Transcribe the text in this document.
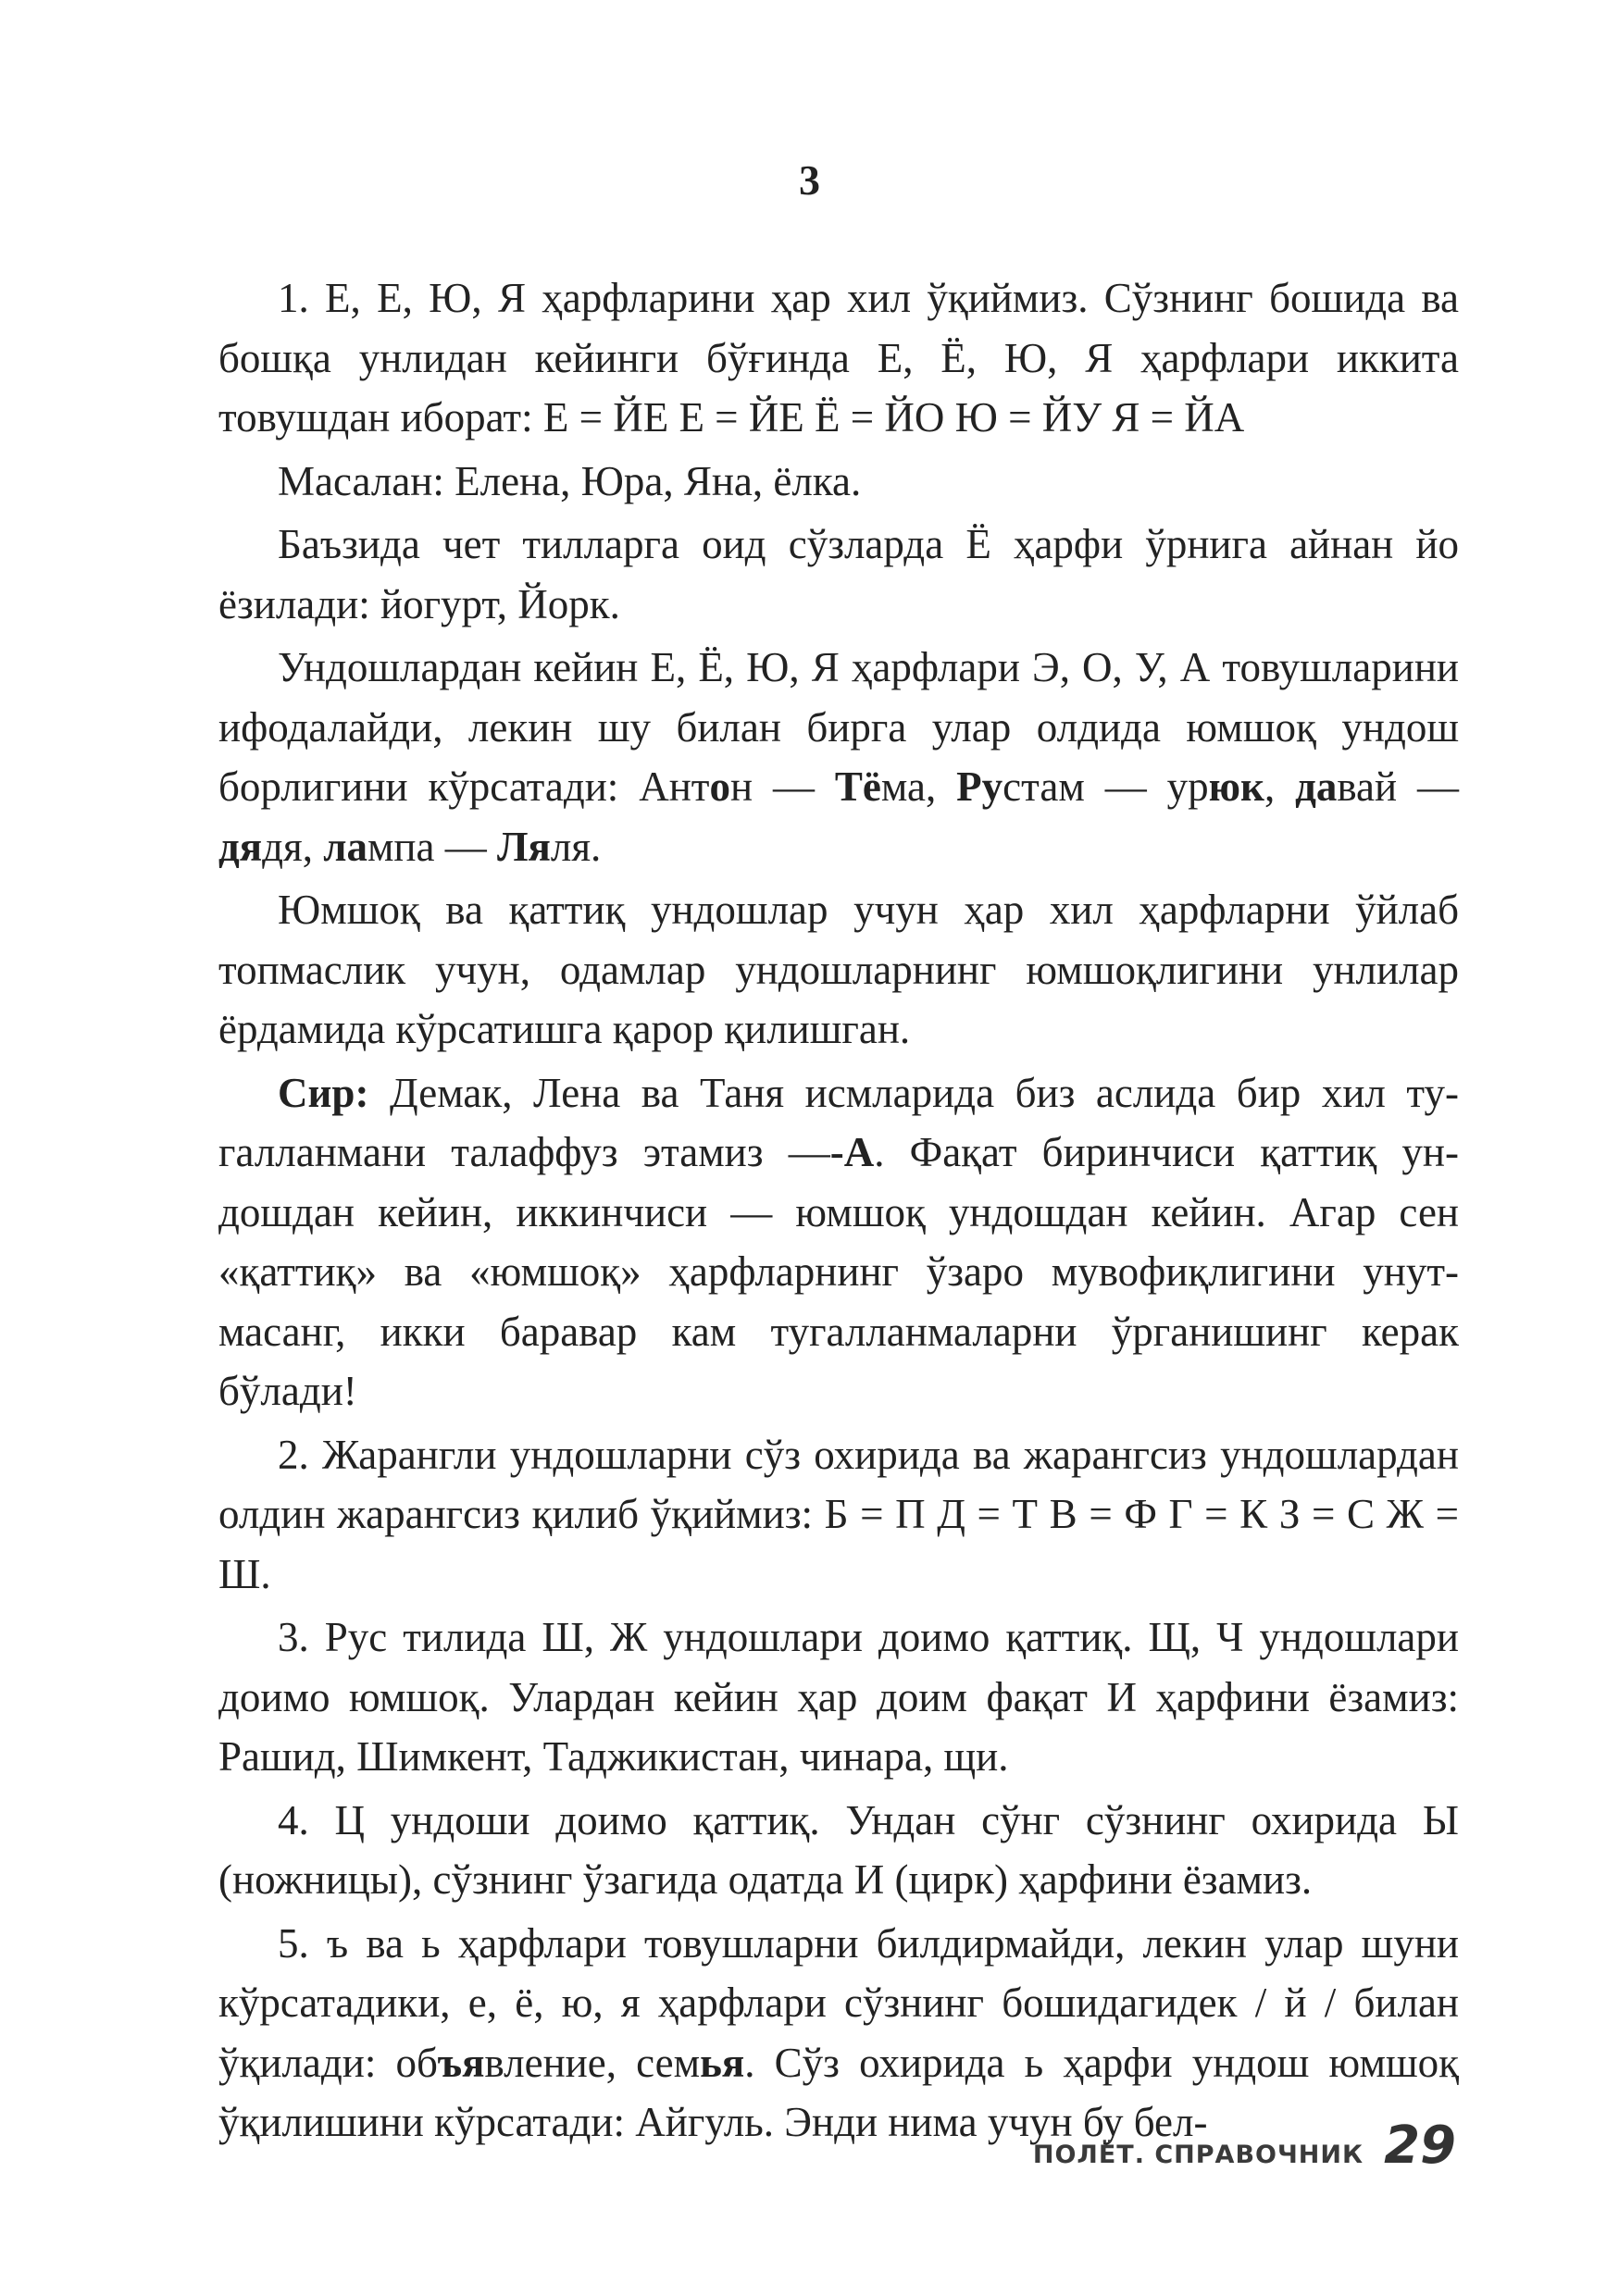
3

1. Е, Е, Ю, Я ҳарфларини ҳар хил ўқиймиз. Сўзнинг бошида ва бошқа унлидан кейинги бўғинда Е, Ё, Ю, Я ҳарфлари иккита товушдан иборат: Е = ЙЕ Е = ЙЕ Ё = ЙО Ю = ЙУ Я = ЙА

Масалан: Елена, Юра, Яна, ёлка.

Баъзида чет тилларга оид сўзларда Ё ҳарфи ўрнига айнан йо ёзилади: йогурт, Йорк.

Ундошлардан кейин Е, Ё, Ю, Я ҳарфлари Э, О, У, А товушларини ифодалайди, лекин шу билан бирга улар олдида юмшоқ ундош борлигини кўрсатади: Антон — Тёма, Рустам — урюк, давай — дядя, лампа — Ляля.

Юмшоқ ва қаттиқ ундошлар учун ҳар хил ҳарфларни ўйлаб топмаслик учун, одамлар ундошларнинг юмшоқлигини унлилар ёрдамида кўрсатишга қарор қилишган.

Сир: Демак, Лена ва Таня исмларида биз аслида бир хил тугалланмани талаффуз этамиз —-А. Фақат биринчиси қаттиқ ундошдан кейин, иккинчиси — юмшоқ ундошдан кейин. Агар сен «қаттиқ» ва «юмшоқ» ҳарфларнинг ўзаро мувофиқлигини унутмасанг, икки баравар кам тугалланмаларни ўрганишинг керак бўлади!

2. Жарангли ундошларни сўз охирида ва жарангсиз ундошлардан олдин жарангсиз қилиб ўқиймиз: Б = П Д = Т В = Ф Г = К З = С Ж = Ш.

3. Рус тилида Ш, Ж ундошлари доимо қаттиқ. Щ, Ч ундошлари доимо юмшоқ. Улардан кейин ҳар доим фақат И ҳарфини ёзамиз: Рашид, Шимкент, Таджикистан, чинара, щи.

4. Ц ундоши доимо қаттиқ. Ундан сўнг сўзнинг охирида Ы (ножницы), сўзнинг ўзагида одатда И (цирк) ҳарфини ёзамиз.

5. ъ ва ь ҳарфлари товушларни билдирмайди, лекин улар шуни кўрсатадики, е, ё, ю, я ҳарфлари сўзнинг бошидагидек / й / билан ўқилади: объявление, семья. Сўз охирида ь ҳарфи ундош юмшоқ ўқилишини кўрсатади: Айгуль. Энди нима учун бу бел-

ПОЛЁТ. СПРАВОЧНИК 29
